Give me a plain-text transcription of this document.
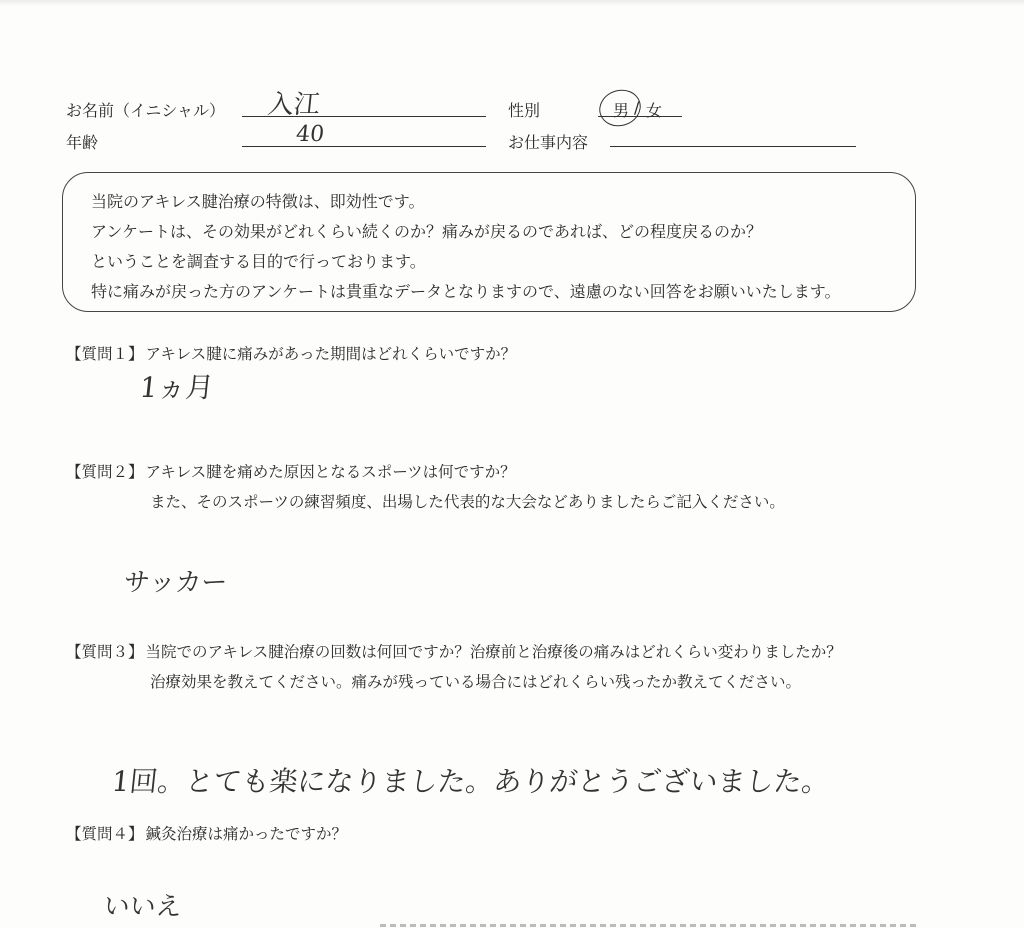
お名前（イニシャル） 入江	性別	男 / 女
年齢	40	お仕事内容
当院のアキレス腱治療の特徴は、即効性です。
アンケートは、その効果がどれくらい続くのか？痛みが戻るのであれば、どの程度戻るのか？
ということを調査する目的で行っております。
特に痛みが戻った方のアンケートは貴重なデータとなりますので、遠慮のない回答をお願いいたします。
【質問１】 アキレス腱に痛みがあった期間はどれくらいですか？
1ヵ月
【質問２】 アキレス腱を痛めた原因となるスポーツは何ですか？
また、そのスポーツの練習頻度、出場した代表的な大会などありましたらご記入ください。
サッカー
【質問３】 当院でのアキレス腱治療の回数は何回ですか？治療前と治療後の痛みはどれくらい変わりましたか？
治療効果を教えてください。痛みが残っている場合にはどれくらい残ったか教えてください。
1回。とても楽になりました。ありがとうございました。
【質問４】 鍼灸治療は痛かったですか？
いいえ
